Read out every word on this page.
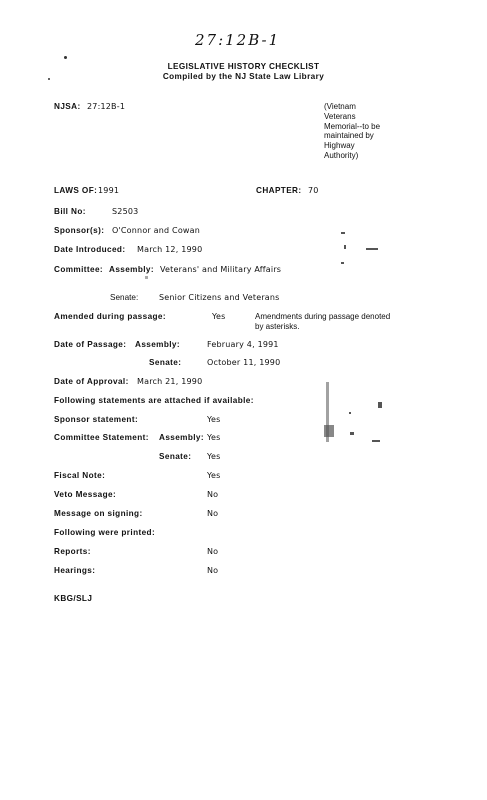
27:12B-1
LEGISLATIVE HISTORY CHECKLIST
Compiled by the NJ State Law Library
NJSA: 27:12B-1	(Vietnam
Veterans
Memorial--to be
maintained by
Highway
Authority)
LAWS OF: 1991	CHAPTER: 70
Bill No:	S2503
Sponsor(s): O'Connor and Cowan
Date Introduced: March 12, 1990
Committee: Assembly: Veterans' and Military Affairs
Senate:	Senior Citizens and Veterans
Amended during passage:	Yes	Amendments during passage denoted by asterisks.
Date of Passage: Assembly:	February 4, 1991
Senate:	October 11, 1990
Date of Approval: March 21, 1990
Following statements are attached if available:
Sponsor statement:	Yes
Committee Statement: Assembly: Yes
Senate: Yes
Fiscal Note:	Yes
Veto Message:	No
Message on signing:	No
Following were printed:
Reports:	No
Hearings:	No
KBG/SLJ
